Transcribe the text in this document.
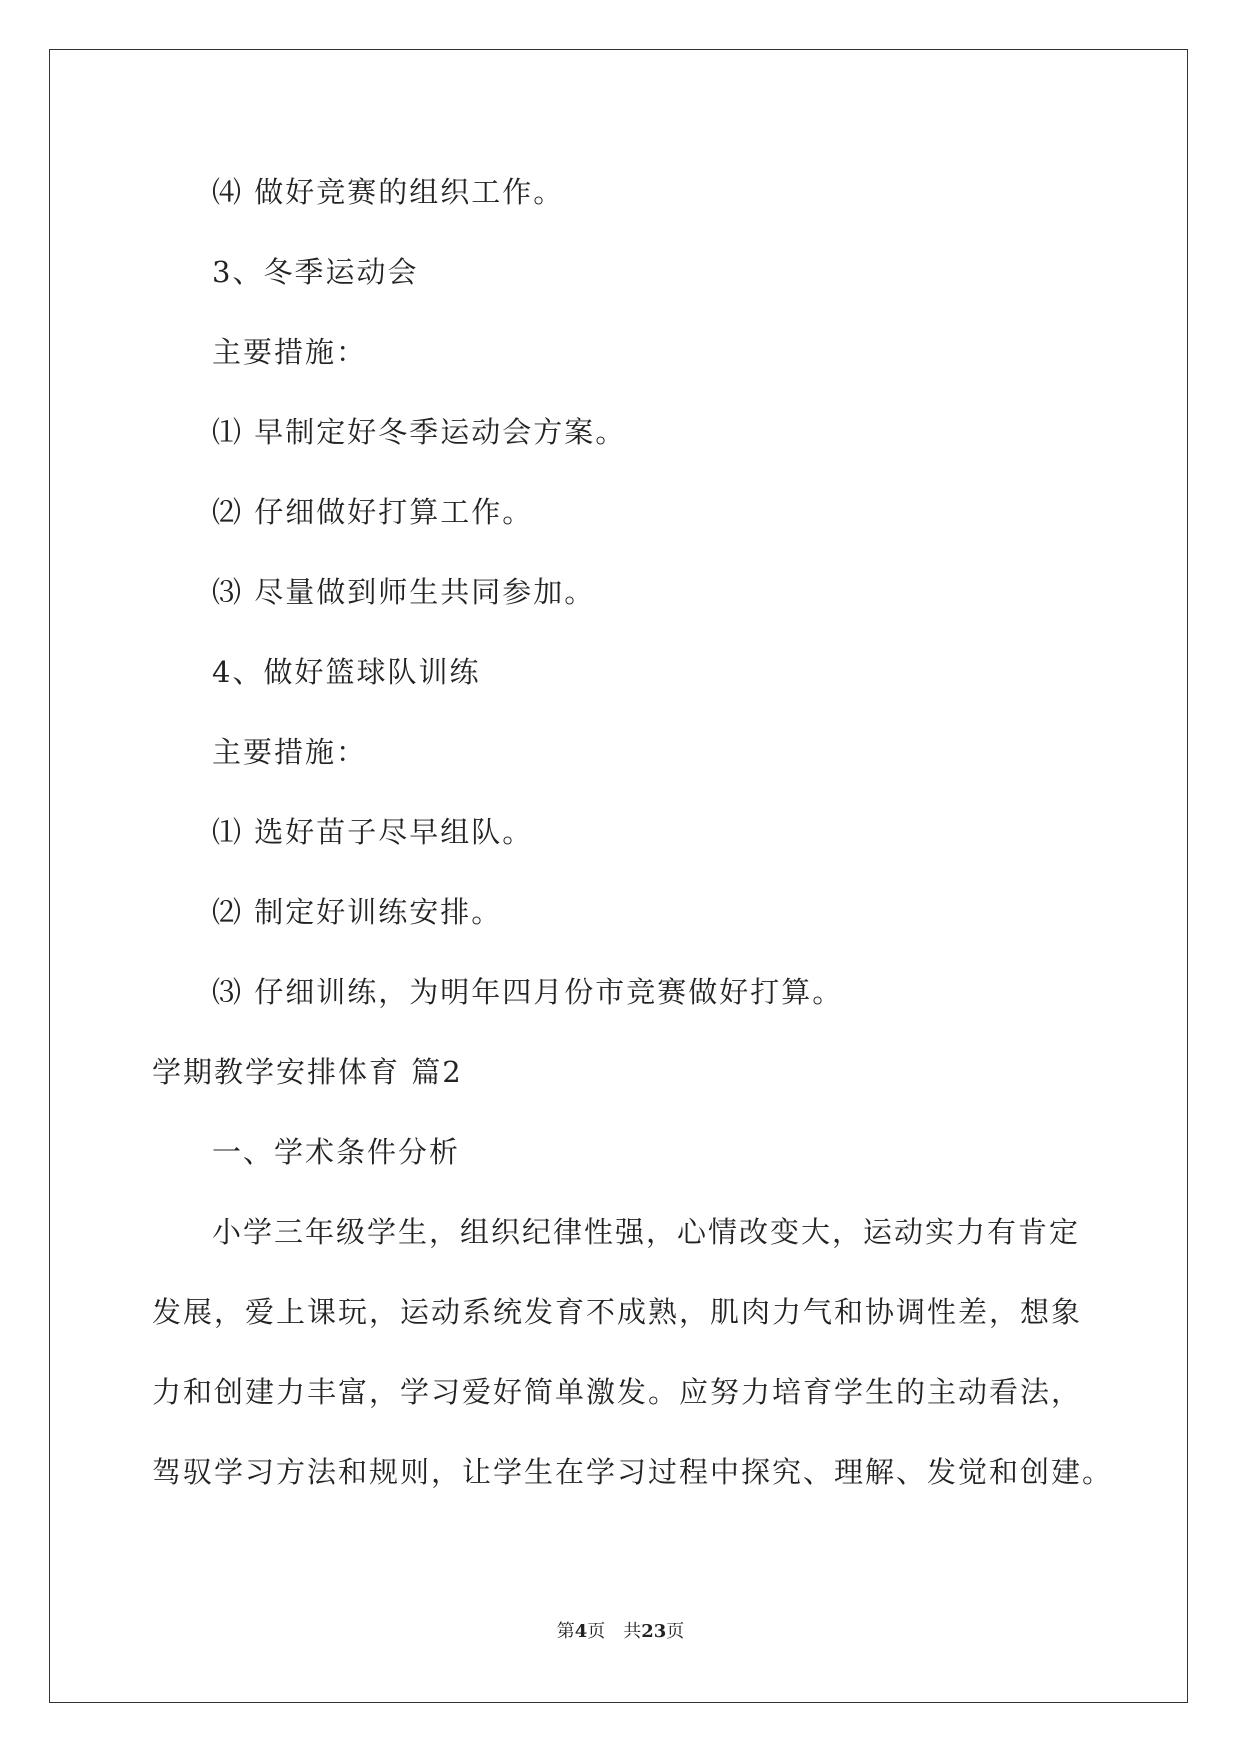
⑷ 做好竞赛的组织工作。
3、冬季运动会
主要措施：
⑴ 早制定好冬季运动会方案。
⑵ 仔细做好打算工作。
⑶ 尽量做到师生共同参加。
4、做好篮球队训练
主要措施：
⑴ 选好苗子尽早组队。
⑵ 制定好训练安排。
⑶ 仔细训练，为明年四月份市竞赛做好打算。
学期教学安排体育 篇2
一、学术条件分析
小学三年级学生，组织纪律性强，心情改变大，运动实力有肯定
发展，爱上课玩，运动系统发育不成熟，肌肉力气和协调性差，想象
力和创建力丰富，学习爱好简单激发。应努力培育学生的主动看法，
驾驭学习方法和规则，让学生在学习过程中探究、理解、发觉和创建。
第4页 共23页
